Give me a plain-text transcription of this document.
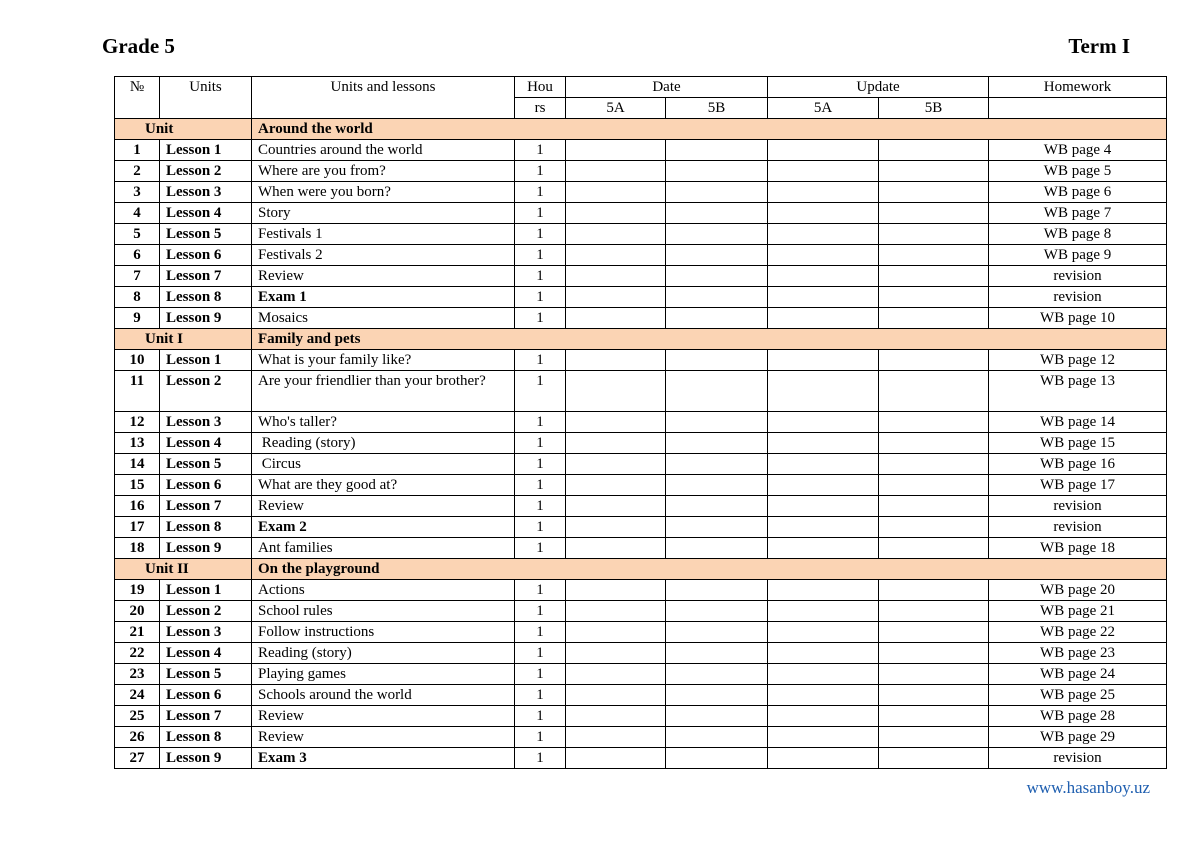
Grade 5	Term I
№	Units	Units and lessons	Hou	Date		Update		Homework
			rs	5A	5B	5A	5B	
Unit		Around the world						
1	Lesson 1	Countries around the world	1					WB page 4
2	Lesson 2	Where are you from?	1					WB page 5
3	Lesson 3	When were you born?	1					WB page 6
4	Lesson 4	Story	1					WB page 7
5	Lesson 5	Festivals 1	1					WB page 8
6	Lesson 6	Festivals 2	1					WB page 9
7	Lesson 7	Review	1					revision
8	Lesson 8	Exam 1	1					revision
9	Lesson 9	Mosaics	1					WB page 10
Unit I		Family and pets						
10	Lesson 1	What is your family like?	1					WB page 12
11	Lesson 2	Are your friendlier than your brother?	1					WB page 13
12	Lesson 3	Who's taller?	1					WB page 14
13	Lesson 4	Reading (story)	1					WB page 15
14	Lesson 5	Circus	1					WB page 16
15	Lesson 6	What are they good at?	1					WB page 17
16	Lesson 7	Review	1					revision
17	Lesson 8	Exam 2	1					revision
18	Lesson 9	Ant families	1					WB page 18
Unit II		On the playground						
19	Lesson 1	Actions	1					WB page 20
20	Lesson 2	School rules	1					WB page 21
21	Lesson 3	Follow instructions	1					WB page 22
22	Lesson 4	Reading (story)	1					WB page 23
23	Lesson 5	Playing games	1					WB page 24
24	Lesson 6	Schools around the world	1					WB page 25
25	Lesson 7	Review	1					WB page 28
26	Lesson 8	Review	1					WB page 29
27	Lesson 9	Exam 3	1					revision
www.hasanboy.uz
